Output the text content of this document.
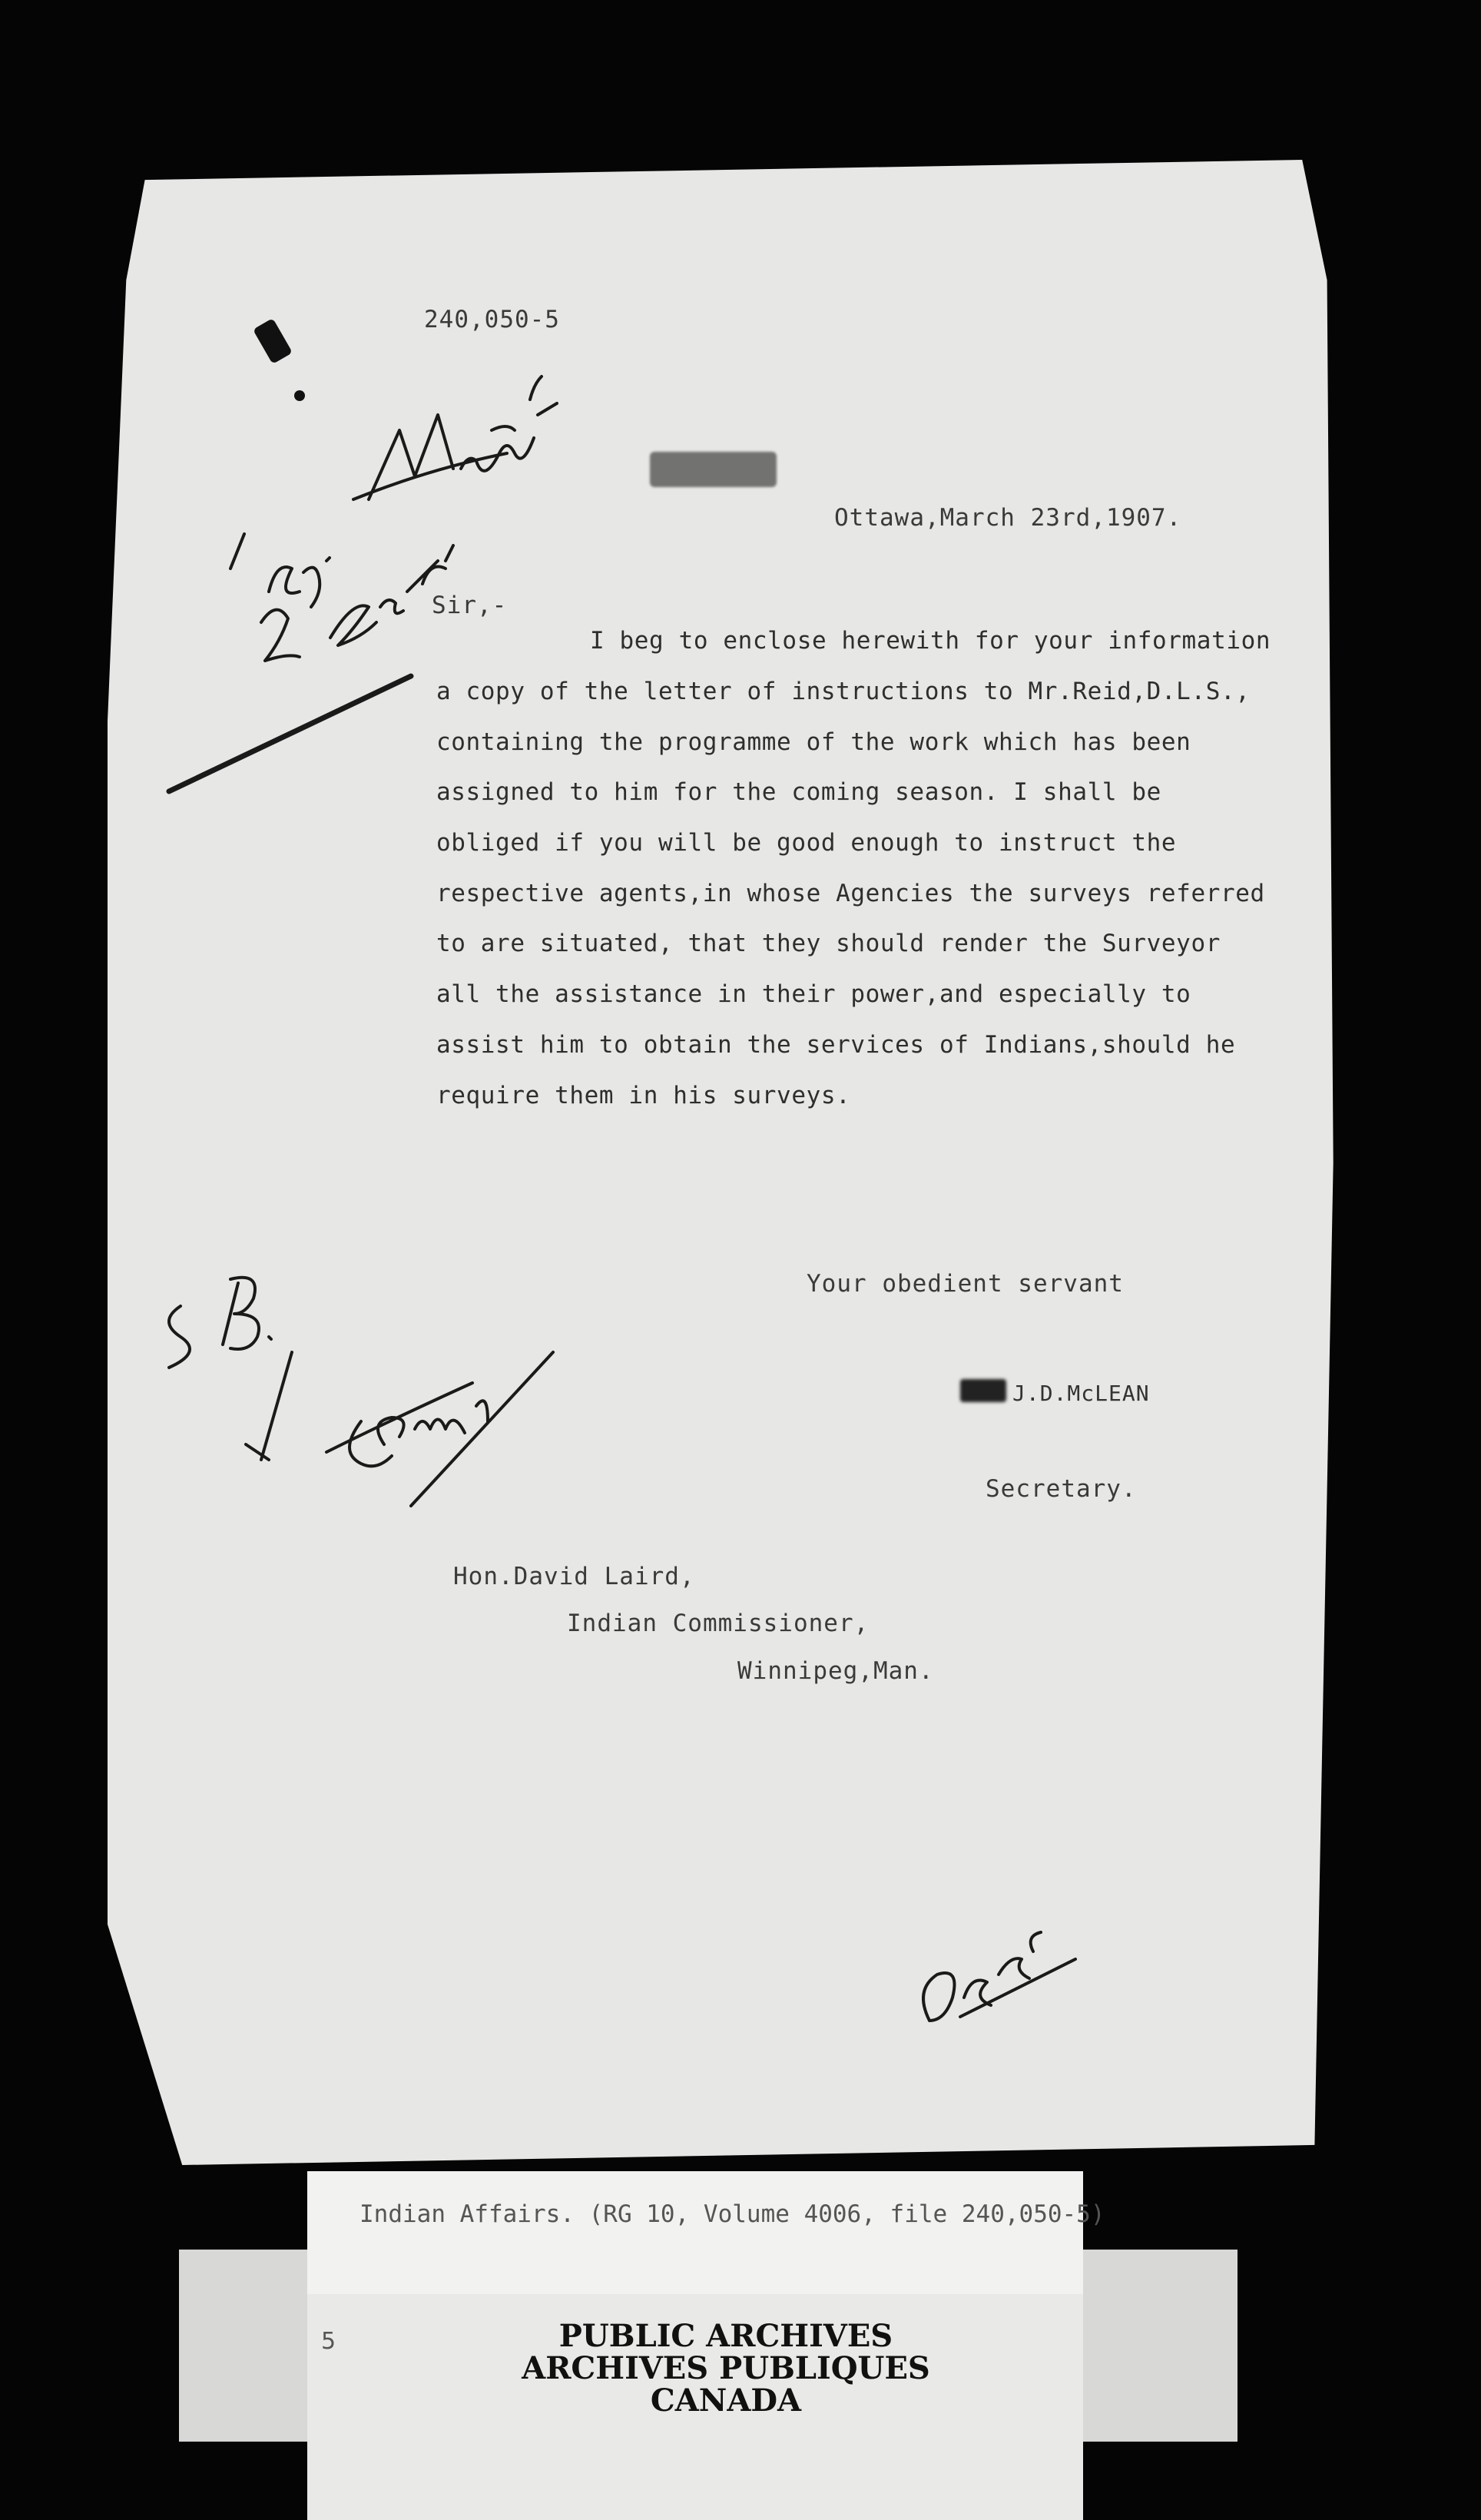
240,050-5
Ottawa,March 23rd,1907.
Sir,-
I beg to enclose herewith for your information
a copy of the letter of instructions to Mr.Reid,D.L.S.,
containing the programme of the work which has been
assigned to him for the coming season. I shall be
obliged if you will be good enough to instruct the
respective agents,in whose Agencies the surveys referred
to are situated, that they should render the Surveyor
all the assistance in their power,and especially to
assist him to obtain the services of Indians,should he
require them in his surveys.
Your obedient servant
J.D.McLEAN
Secretary.
Hon.David Laird,
Indian Commissioner,
Winnipeg,Man.
Indian Affairs. (RG 10, Volume 4006, file 240,050-5)
5	PUBLIC ARCHIVES
ARCHIVES PUBLIQUES
CANADA
